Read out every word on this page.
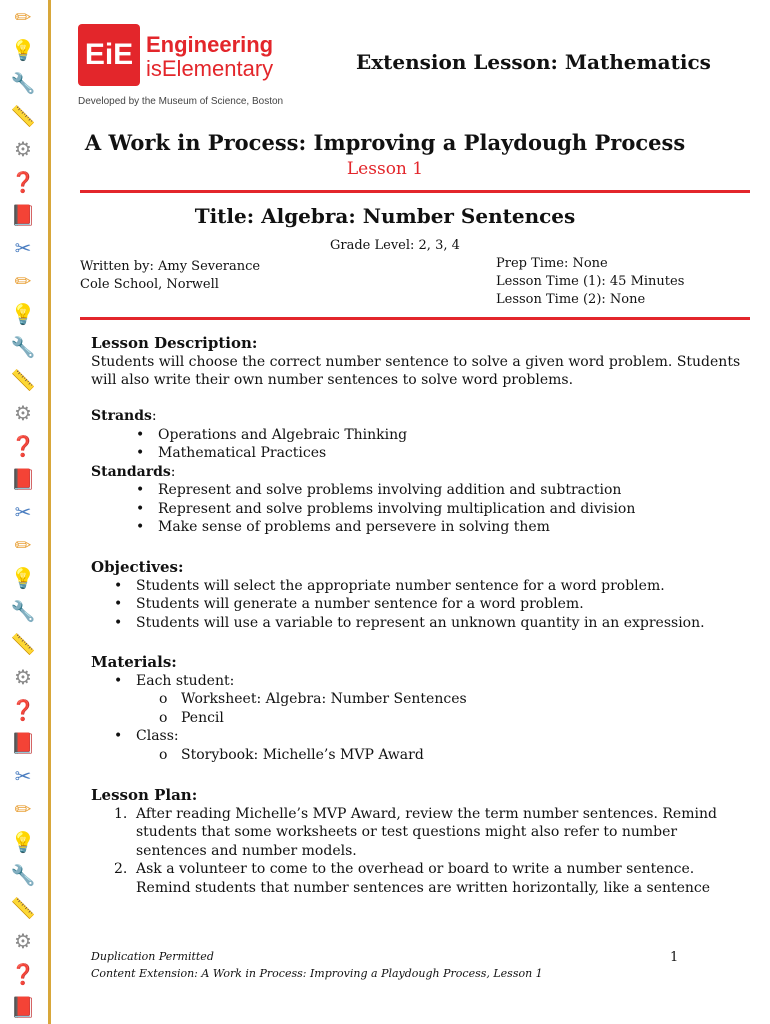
✏
💡
🔧
📏
⚙
❓
📕
✂
✏
💡
🔧
📏
⚙
❓
📕
✂
✏
💡
🔧
📏
⚙
❓
📕
✂
✏
💡
🔧
📏
⚙
❓
📕
EiE Engineering
isElementary
Developed by the Museum of Science, Boston
Extension Lesson: Mathematics
A Work in Process: Improving a Playdough Process
Lesson 1
Title: Algebra: Number Sentences
Grade Level: 2, 3, 4
Written by: Amy Severance
Cole School, Norwell
Prep Time: None
Lesson Time (1): 45 Minutes
Lesson Time (2): None
Lesson Description:
Students will choose the correct number sentence to solve a given word problem. Students
will also write their own number sentences to solve word problems.
Strands:
• Operations and Algebraic Thinking
• Mathematical Practices
Standards:
• Represent and solve problems involving addition and subtraction
• Represent and solve problems involving multiplication and division
• Make sense of problems and persevere in solving them
Objectives:
• Students will select the appropriate number sentence for a word problem.
• Students will generate a number sentence for a word problem.
• Students will use a variable to represent an unknown quantity in an expression.
Materials:
• Each student:
o Worksheet: Algebra: Number Sentences
o Pencil
• Class:
o Storybook: Michelle’s MVP Award
Lesson Plan:
1. After reading Michelle’s MVP Award, review the term number sentences. Remind
students that some worksheets or test questions might also refer to number
sentences and number models.
2. Ask a volunteer to come to the overhead or board to write a number sentence.
Remind students that number sentences are written horizontally, like a sentence
Duplication Permitted
Content Extension: A Work in Process: Improving a Playdough Process, Lesson 1
1
